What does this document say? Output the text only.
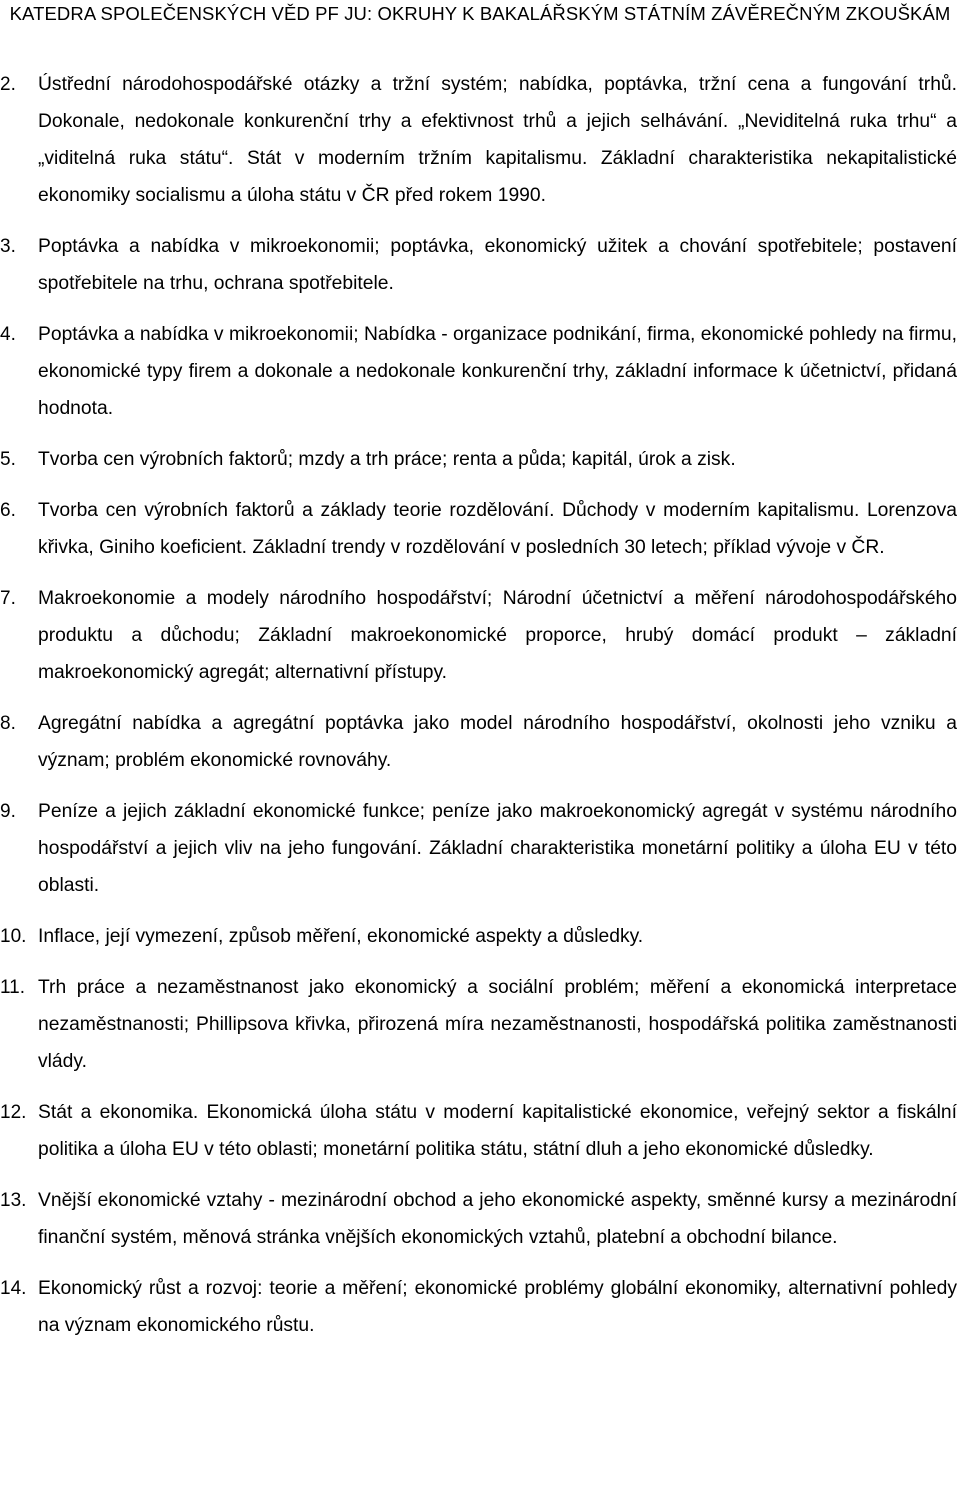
KATEDRA SPOLEČENSKÝCH VĚD PF JU: OKRUHY K BAKALÁŘSKÝM STÁTNÍM ZÁVĚREČNÝM ZKOUŠKÁM
2.	Ústřední národohospodářské otázky a tržní systém; nabídka, poptávka, tržní cena a fungování trhů. Dokonale, nedokonale konkurenční trhy a efektivnost trhů a jejich selhávání. „Neviditelná ruka trhu“ a „viditelná ruka státu“. Stát v moderním tržním kapitalismu. Základní charakteristika nekapitalistické ekonomiky socialismu a úloha státu v ČR před rokem 1990.
3.	Poptávka a nabídka v mikroekonomii; poptávka, ekonomický užitek a chování spotřebitele; postavení spotřebitele na trhu, ochrana spotřebitele.
4.	Poptávka a nabídka v mikroekonomii; Nabídka - organizace podnikání, firma, ekonomické pohledy na firmu, ekonomické typy firem a dokonale a nedokonale konkurenční trhy, základní informace k účetnictví, přidaná hodnota.
5.	Tvorba cen výrobních faktorů; mzdy a trh práce; renta a půda; kapitál, úrok a zisk.
6.	Tvorba cen výrobních faktorů a základy teorie rozdělování. Důchody v moderním kapitalismu. Lorenzova křivka, Giniho koeficient. Základní trendy v rozdělování v posledních 30 letech; příklad vývoje v ČR.
7.	Makroekonomie a modely národního hospodářství; Národní účetnictví a měření národohospodářského produktu a důchodu; Základní makroekonomické proporce, hrubý domácí produkt – základní makroekonomický agregát; alternativní přístupy.
8.	Agregátní nabídka a agregátní poptávka jako model národního hospodářství, okolnosti jeho vzniku a význam; problém ekonomické rovnováhy.
9.	Peníze a jejich základní ekonomické funkce; peníze jako makroekonomický agregát v systému národního hospodářství a jejich vliv na jeho fungování. Základní charakteristika monetární politiky a úloha EU v této oblasti.
10. Inflace, její vymezení, způsob měření, ekonomické aspekty a důsledky.
11. Trh práce a nezaměstnanost jako ekonomický a sociální problém; měření a ekonomická interpretace nezaměstnanosti; Phillipsova křivka, přirozená míra nezaměstnanosti, hospodářská politika zaměstnanosti vlády.
12. Stát a ekonomika. Ekonomická úloha státu v moderní kapitalistické ekonomice, veřejný sektor a fiskální politika a úloha EU v této oblasti; monetární politika státu, státní dluh a jeho ekonomické důsledky.
13. Vnější ekonomické vztahy - mezinárodní obchod a jeho ekonomické aspekty, směnné kursy a mezinárodní finanční systém, měnová stránka vnějších ekonomických vztahů, platební a obchodní bilance.
14. Ekonomický růst a rozvoj: teorie a měření; ekonomické problémy globální ekonomiky, alternativní pohledy na význam ekonomického růstu.
